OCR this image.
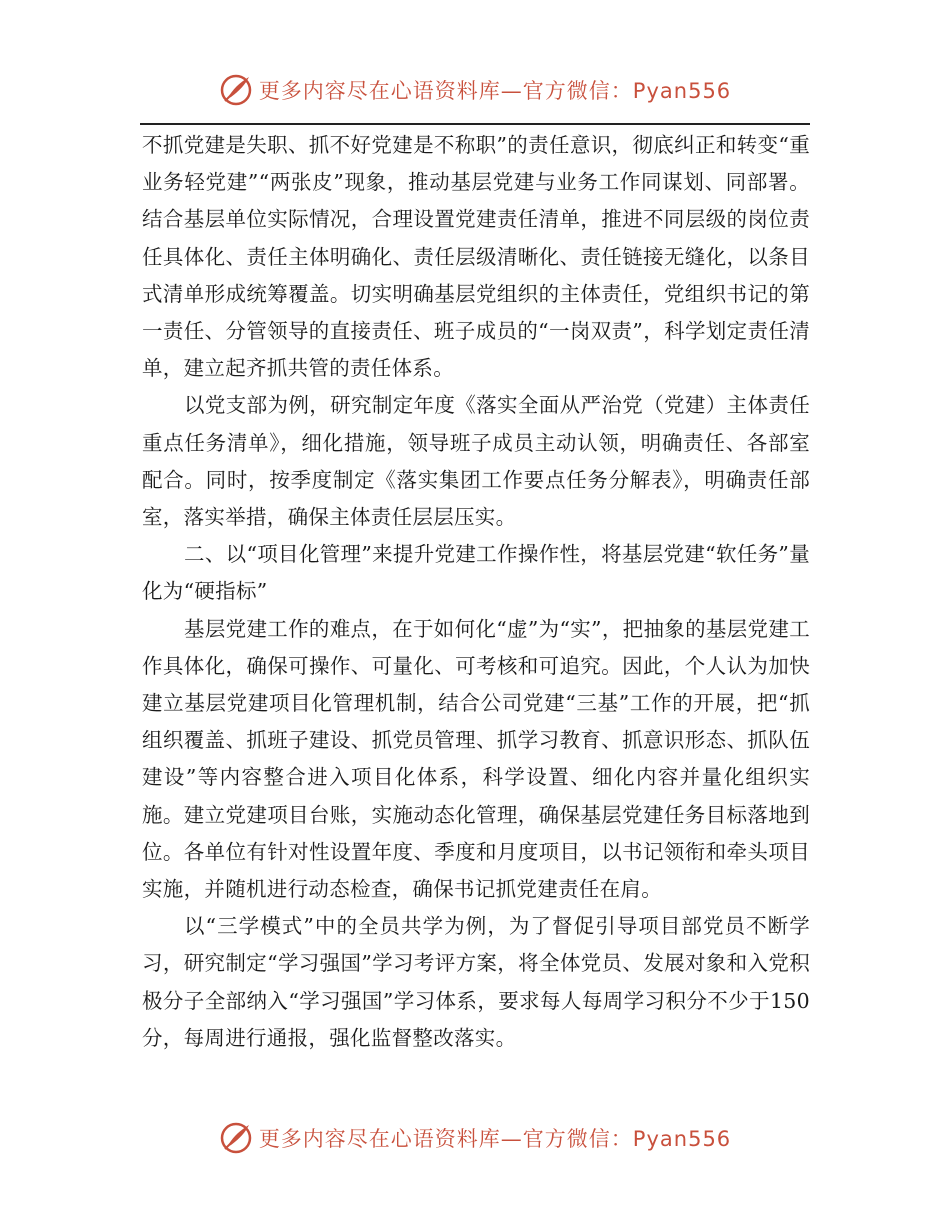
更多内容尽在心语资料库—官方微信：Pyan556

不抓党建是失职、抓不好党建是不称职”的责任意识，彻底纠正和转变“重业务轻党建”“两张皮”现象，推动基层党建与业务工作同谋划、同部署。结合基层单位实际情况，合理设置党建责任清单，推进不同层级的岗位责任具体化、责任主体明确化、责任层级清晰化、责任链接无缝化，以条目式清单形成统筹覆盖。切实明确基层党组织的主体责任，党组织书记的第一责任、分管领导的直接责任、班子成员的“一岗双责”，科学划定责任清单，建立起齐抓共管的责任体系。

以党支部为例，研究制定年度《落实全面从严治党（党建）主体责任重点任务清单》，细化措施，领导班子成员主动认领，明确责任、各部室配合。同时，按季度制定《落实集团工作要点任务分解表》，明确责任部室，落实举措，确保主体责任层层压实。

二、以“项目化管理”来提升党建工作操作性，将基层党建“软任务”量化为“硬指标”

基层党建工作的难点，在于如何化“虚”为“实”，把抽象的基层党建工作具体化，确保可操作、可量化、可考核和可追究。因此，个人认为加快建立基层党建项目化管理机制，结合公司党建“三基”工作的开展，把“抓组织覆盖、抓班子建设、抓党员管理、抓学习教育、抓意识形态、抓队伍建设”等内容整合进入项目化体系，科学设置、细化内容并量化组织实施。建立党建项目台账，实施动态化管理，确保基层党建任务目标落地到位。各单位有针对性设置年度、季度和月度项目，以书记领衔和牵头项目实施，并随机进行动态检查，确保书记抓党建责任在肩。

以“三学模式”中的全员共学为例，为了督促引导项目部党员不断学习，研究制定“学习强国”学习考评方案，将全体党员、发展对象和入党积极分子全部纳入“学习强国”学习体系，要求每人每周学习积分不少于150分，每周进行通报，强化监督整改落实。

更多内容尽在心语资料库—官方微信：Pyan556
